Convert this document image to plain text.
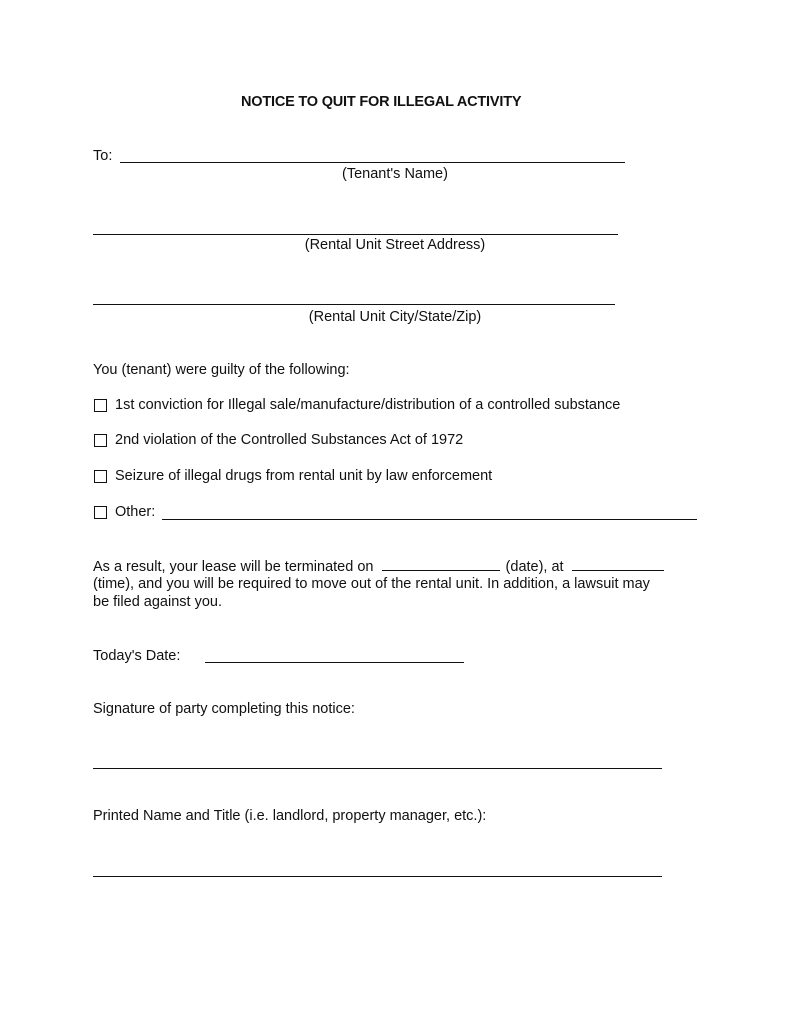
NOTICE TO QUIT FOR ILLEGAL ACTIVITY
To:
(Tenant's Name)
(Rental Unit Street Address)
(Rental Unit City/State/Zip)
You (tenant) were guilty of the following:
1st conviction for Illegal sale/manufacture/distribution of a controlled substance
2nd violation of the Controlled Substances Act of 1972
Seizure of illegal drugs from rental unit by law enforcement
Other:
As a result, your lease will be terminated on	(date), at
(time), and you will be required to move out of the rental unit. In addition, a lawsuit may
be filed against you.
Today's Date:
Signature of party completing this notice:
Printed Name and Title (i.e. landlord, property manager, etc.):
